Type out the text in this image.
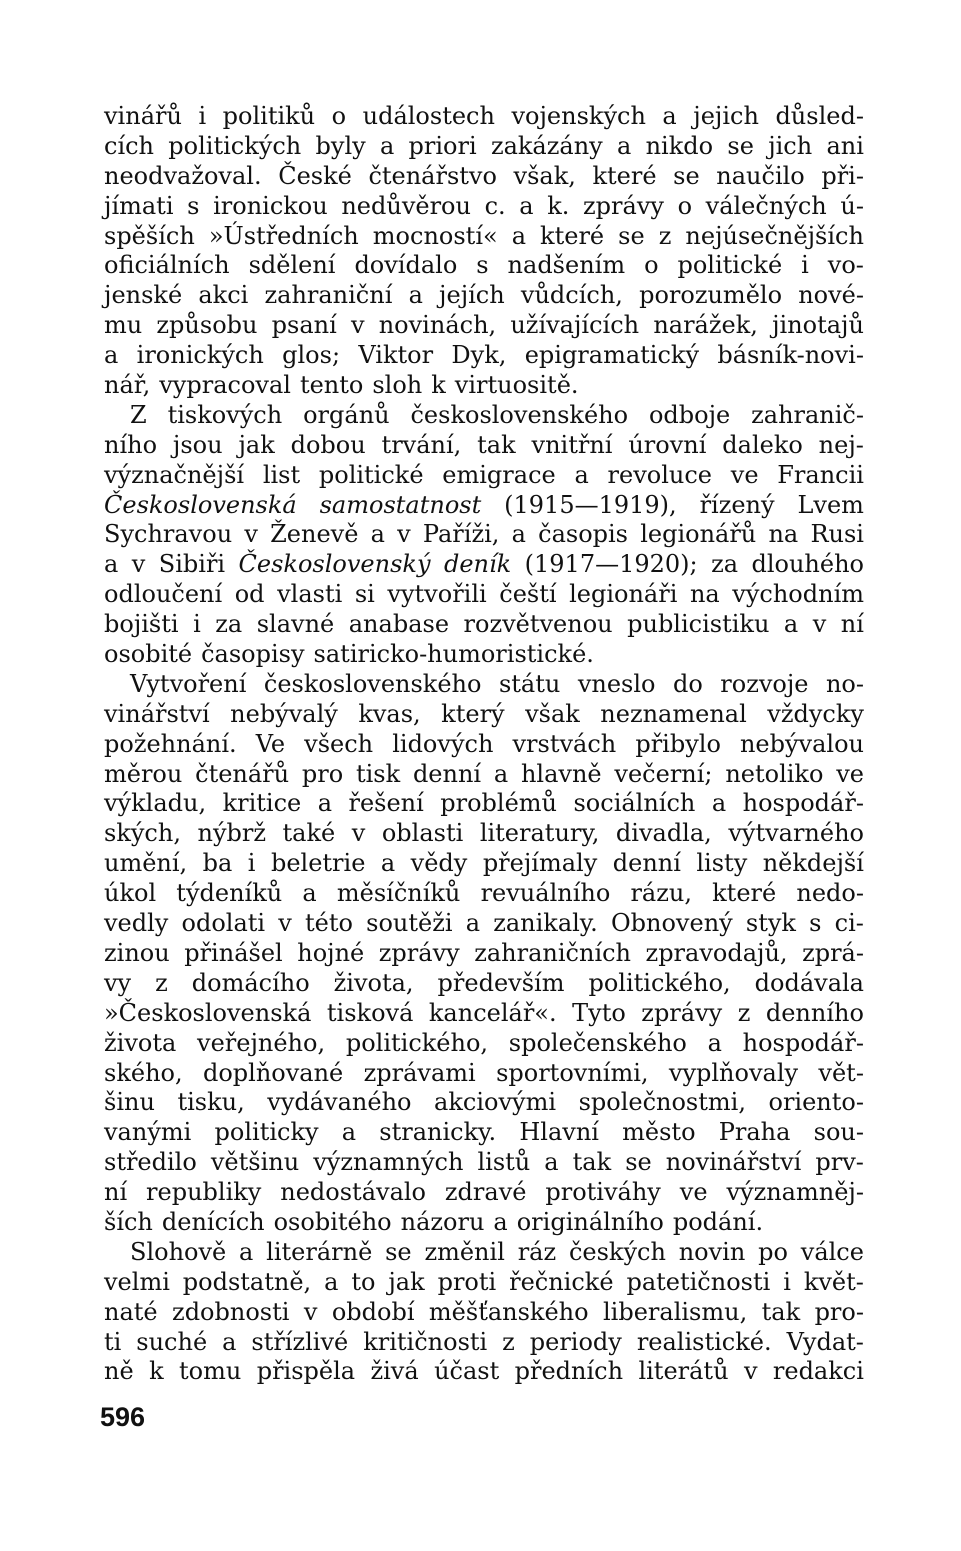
vinářů i politiků o událostech vojenských a jejich důsled-
cích politických byly a priori zakázány a nikdo se jich ani
neodvažoval. České čtenářstvo však, které se naučilo při-
jímati s ironickou nedůvěrou c. a k. zprávy o válečných ú-
spěších »Ústředních mocností« a které se z nejúsečnějších
oficiálních sdělení dovídalo s nadšením o politické i vo-
jenské akci zahraniční a jejích vůdcích, porozumělo nové-
mu způsobu psaní v novinách, užívajících narážek, jinotajů
a ironických glos; Viktor Dyk, epigramatický básník-novi-
nář, vypracoval tento sloh k virtuositě.
Z tiskových orgánů československého odboje zahranič-
ního jsou jak dobou trvání, tak vnitřní úrovní daleko nej-
význačnější list politické emigrace a revoluce ve Francii
Československá samostatnost (1915—1919), řízený Lvem
Sychravou v Ženevě a v Paříži, a časopis legionářů na Rusi
a v Sibiři Československý deník (1917—1920); za dlouhého
odloučení od vlasti si vytvořili čeští legionáři na východním
bojišti i za slavné anabase rozvětvenou publicistiku a v ní
osobité časopisy satiricko-humoristické.
Vytvoření československého státu vneslo do rozvoje no-
vinářství nebývalý kvas, který však neznamenal vždycky
požehnání. Ve všech lidových vrstvách přibylo nebývalou
měrou čtenářů pro tisk denní a hlavně večerní; netoliko ve
výkladu, kritice a řešení problémů sociálních a hospodář-
ských, nýbrž také v oblasti literatury, divadla, výtvarného
umění, ba i beletrie a vědy přejímaly denní listy někdejší
úkol týdeníků a měsíčníků revuálního rázu, které nedo-
vedly odolati v této soutěži a zanikaly. Obnovený styk s ci-
zinou přinášel hojné zprávy zahraničních zpravodajů, zprá-
vy z domácího života, především politického, dodávala
»Československá tisková kancelář«. Tyto zprávy z denního
života veřejného, politického, společenského a hospodář-
ského, doplňované zprávami sportovními, vyplňovaly vět-
šinu tisku, vydávaného akciovými společnostmi, oriento-
vanými politicky a stranicky. Hlavní město Praha sou-
středilo většinu významných listů a tak se novinářství prv-
ní republiky nedostávalo zdravé protiváhy ve významněj-
ších denících osobitého názoru a originálního podání.
Slohově a literárně se změnil ráz českých novin po válce
velmi podstatně, a to jak proti řečnické patetičnosti i květ-
naté zdobnosti v období měšťanského liberalismu, tak pro-
ti suché a střízlivé kritičnosti z periody realistické. Vydat-
ně k tomu přispěla živá účast předních literátů v redakci
596
